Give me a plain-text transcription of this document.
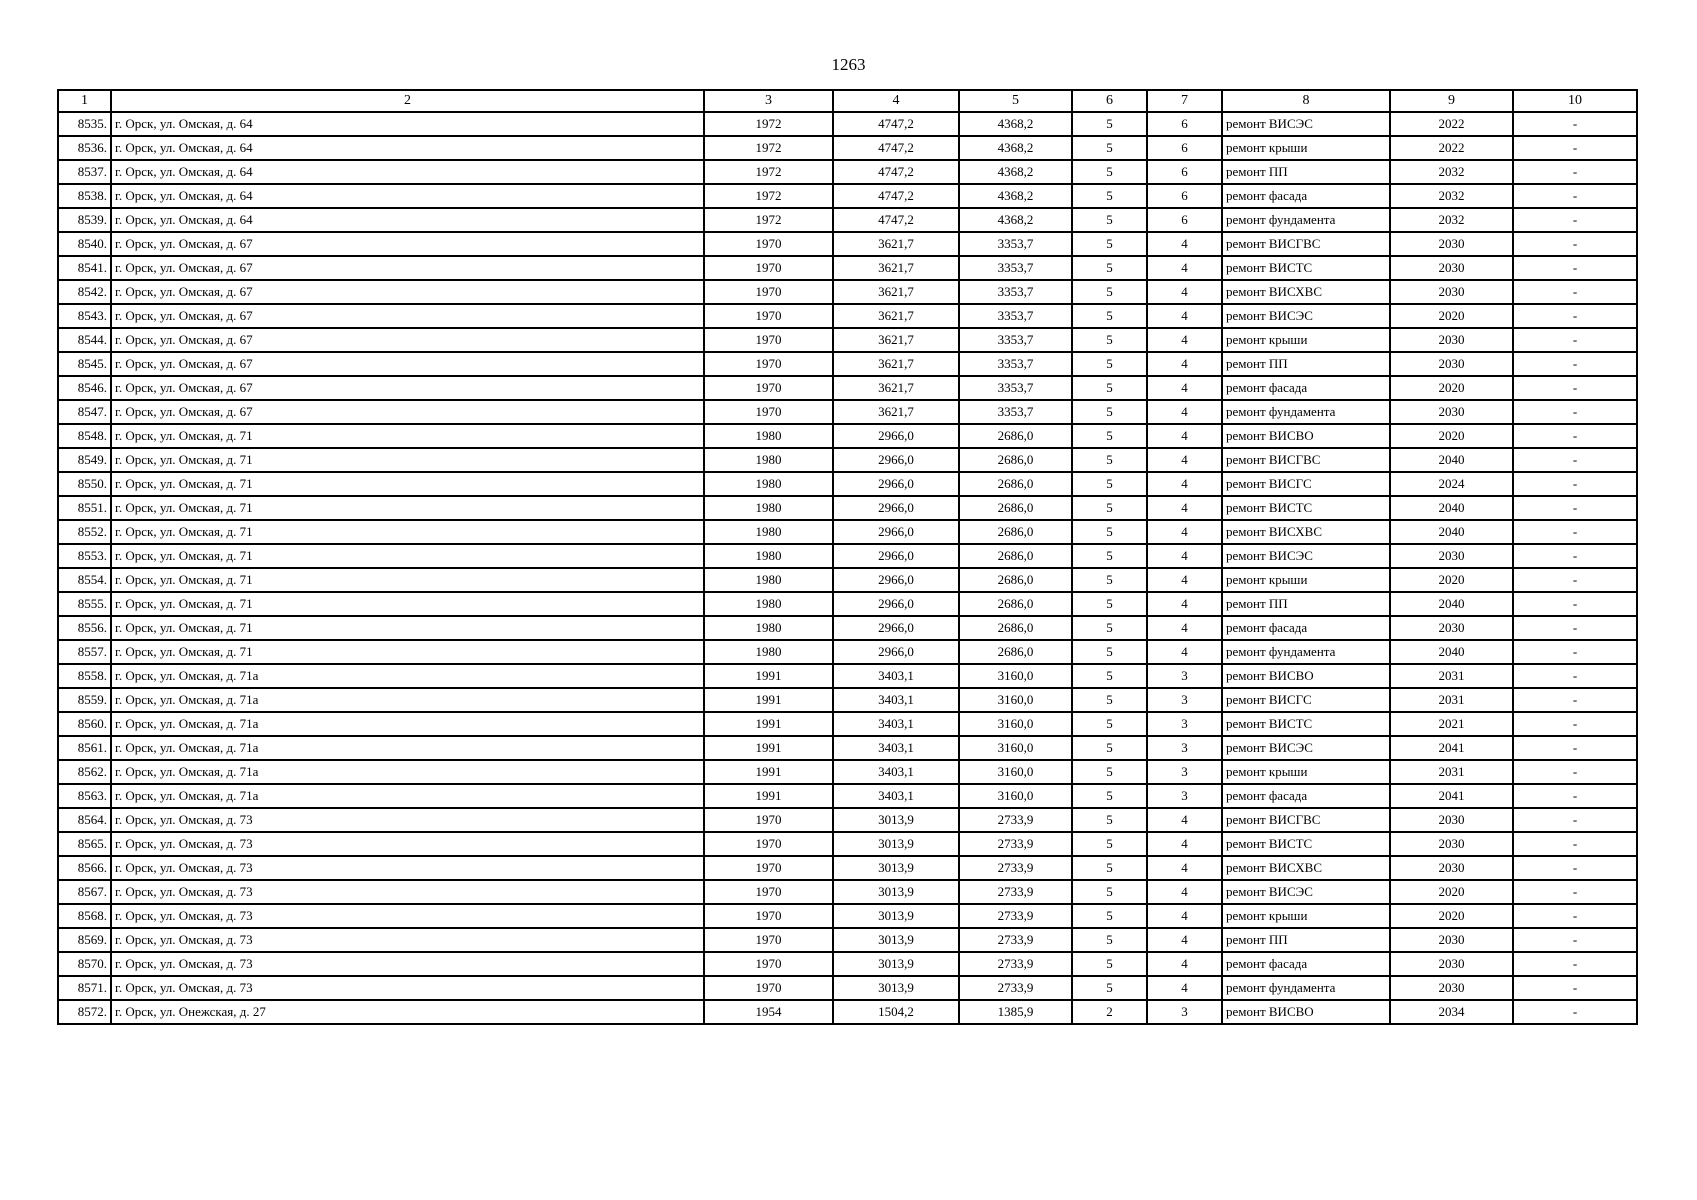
1263
1	2	3	4	5	6	7	8	9	10
8535.	г. Орск, ул. Омская, д. 64	1972	4747,2	4368,2	5	6	ремонт ВИСЭС	2022	-
8536.	г. Орск, ул. Омская, д. 64	1972	4747,2	4368,2	5	6	ремонт крыши	2022	-
8537.	г. Орск, ул. Омская, д. 64	1972	4747,2	4368,2	5	6	ремонт ПП	2032	-
8538.	г. Орск, ул. Омская, д. 64	1972	4747,2	4368,2	5	6	ремонт фасада	2032	-
8539.	г. Орск, ул. Омская, д. 64	1972	4747,2	4368,2	5	6	ремонт фундамента	2032	-
8540.	г. Орск, ул. Омская, д. 67	1970	3621,7	3353,7	5	4	ремонт ВИСГВС	2030	-
8541.	г. Орск, ул. Омская, д. 67	1970	3621,7	3353,7	5	4	ремонт ВИСТС	2030	-
8542.	г. Орск, ул. Омская, д. 67	1970	3621,7	3353,7	5	4	ремонт ВИСХВС	2030	-
8543.	г. Орск, ул. Омская, д. 67	1970	3621,7	3353,7	5	4	ремонт ВИСЭС	2020	-
8544.	г. Орск, ул. Омская, д. 67	1970	3621,7	3353,7	5	4	ремонт крыши	2030	-
8545.	г. Орск, ул. Омская, д. 67	1970	3621,7	3353,7	5	4	ремонт ПП	2030	-
8546.	г. Орск, ул. Омская, д. 67	1970	3621,7	3353,7	5	4	ремонт фасада	2020	-
8547.	г. Орск, ул. Омская, д. 67	1970	3621,7	3353,7	5	4	ремонт фундамента	2030	-
8548.	г. Орск, ул. Омская, д. 71	1980	2966,0	2686,0	5	4	ремонт ВИСВО	2020	-
8549.	г. Орск, ул. Омская, д. 71	1980	2966,0	2686,0	5	4	ремонт ВИСГВС	2040	-
8550.	г. Орск, ул. Омская, д. 71	1980	2966,0	2686,0	5	4	ремонт ВИСГС	2024	-
8551.	г. Орск, ул. Омская, д. 71	1980	2966,0	2686,0	5	4	ремонт ВИСТС	2040	-
8552.	г. Орск, ул. Омская, д. 71	1980	2966,0	2686,0	5	4	ремонт ВИСХВС	2040	-
8553.	г. Орск, ул. Омская, д. 71	1980	2966,0	2686,0	5	4	ремонт ВИСЭС	2030	-
8554.	г. Орск, ул. Омская, д. 71	1980	2966,0	2686,0	5	4	ремонт крыши	2020	-
8555.	г. Орск, ул. Омская, д. 71	1980	2966,0	2686,0	5	4	ремонт ПП	2040	-
8556.	г. Орск, ул. Омская, д. 71	1980	2966,0	2686,0	5	4	ремонт фасада	2030	-
8557.	г. Орск, ул. Омская, д. 71	1980	2966,0	2686,0	5	4	ремонт фундамента	2040	-
8558.	г. Орск, ул. Омская, д. 71а	1991	3403,1	3160,0	5	3	ремонт ВИСВО	2031	-
8559.	г. Орск, ул. Омская, д. 71а	1991	3403,1	3160,0	5	3	ремонт ВИСГС	2031	-
8560.	г. Орск, ул. Омская, д. 71а	1991	3403,1	3160,0	5	3	ремонт ВИСТС	2021	-
8561.	г. Орск, ул. Омская, д. 71а	1991	3403,1	3160,0	5	3	ремонт ВИСЭС	2041	-
8562.	г. Орск, ул. Омская, д. 71а	1991	3403,1	3160,0	5	3	ремонт крыши	2031	-
8563.	г. Орск, ул. Омская, д. 71а	1991	3403,1	3160,0	5	3	ремонт фасада	2041	-
8564.	г. Орск, ул. Омская, д. 73	1970	3013,9	2733,9	5	4	ремонт ВИСГВС	2030	-
8565.	г. Орск, ул. Омская, д. 73	1970	3013,9	2733,9	5	4	ремонт ВИСТС	2030	-
8566.	г. Орск, ул. Омская, д. 73	1970	3013,9	2733,9	5	4	ремонт ВИСХВС	2030	-
8567.	г. Орск, ул. Омская, д. 73	1970	3013,9	2733,9	5	4	ремонт ВИСЭС	2020	-
8568.	г. Орск, ул. Омская, д. 73	1970	3013,9	2733,9	5	4	ремонт крыши	2020	-
8569.	г. Орск, ул. Омская, д. 73	1970	3013,9	2733,9	5	4	ремонт ПП	2030	-
8570.	г. Орск, ул. Омская, д. 73	1970	3013,9	2733,9	5	4	ремонт фасада	2030	-
8571.	г. Орск, ул. Омская, д. 73	1970	3013,9	2733,9	5	4	ремонт фундамента	2030	-
8572.	г. Орск, ул. Онежская, д. 27	1954	1504,2	1385,9	2	3	ремонт ВИСВО	2034	-
